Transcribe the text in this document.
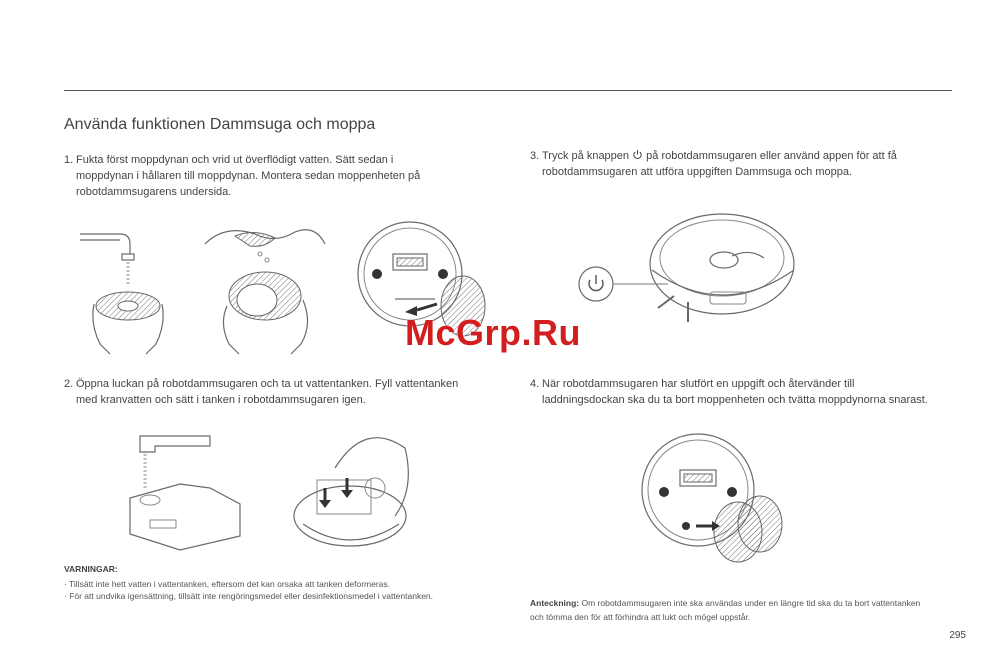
Använda funktionen Dammsuga och moppa
1. Fukta först moppdynan och vrid ut överflödigt vatten. Sätt sedan i
moppdynan i hållaren till moppdynan. Montera sedan moppenheten på
robotdammsugarens undersida.
3. Tryck på knappen på robotdammsugaren eller använd appen för att få
robotdammsugaren att utföra uppgiften Dammsuga och moppa.
2. Öppna luckan på robotdammsugaren och ta ut vattentanken. Fyll vattentanken
med kranvatten och sätt i tanken i robotdammsugaren igen.
4. När robotdammsugaren har slutfört en uppgift och återvänder till
laddningsdockan ska du ta bort moppenheten och tvätta moppdynorna snarast.
VARNINGAR:
· Tillsätt inte hett vatten i vattentanken, eftersom det kan orsaka att tanken deformeras.
· För att undvika igensättning, tillsätt inte rengöringsmedel eller desinfektionsmedel i vattentanken.
Anteckning: Om robotdammsugaren inte ska användas under en längre tid ska du ta bort vattentanken och tömma den för att förhindra att lukt och mögel uppstår.
295
McGrp.Ru
